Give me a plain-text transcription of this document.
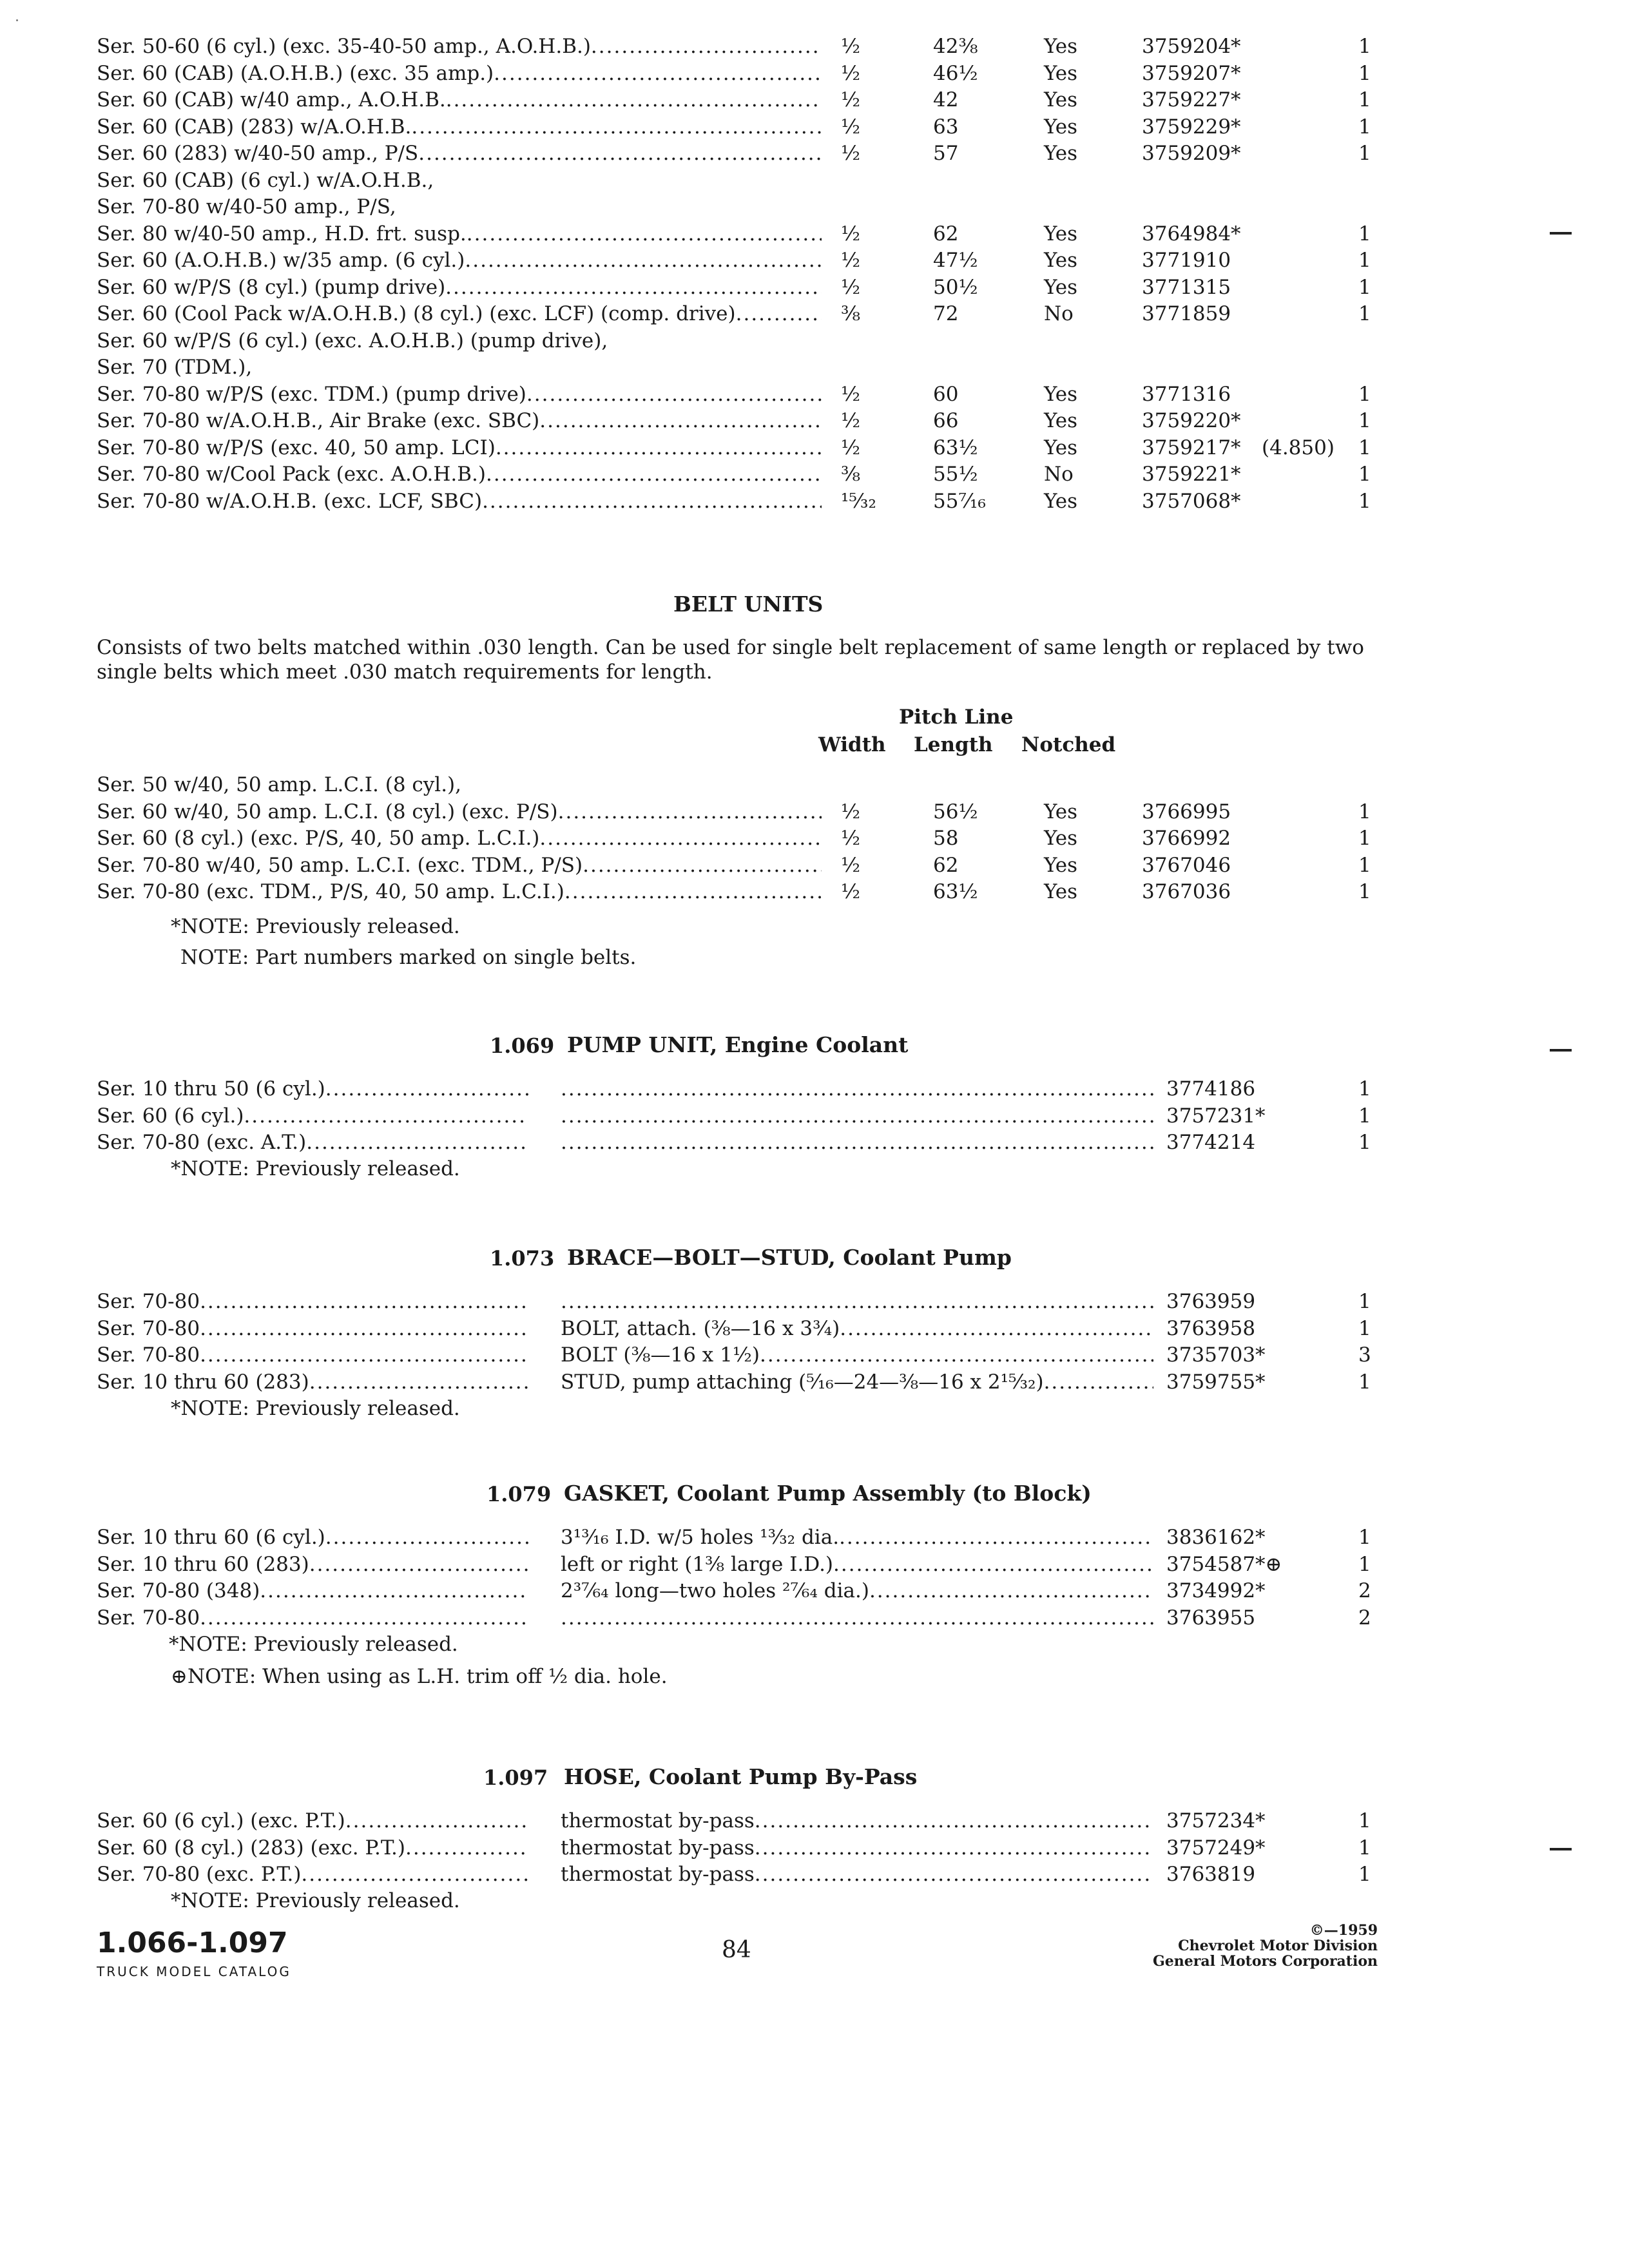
Ser. 50-60 (6 cyl.) (exc. 35-40-50 amp., A.O.H.B.) .....	½	42⅜	Yes	3759204*	1
Ser. 60 (CAB) (A.O.H.B.) (exc. 35 amp.) .....	½	46½	Yes	3759207*	1
Ser. 60 (CAB) w/40 amp., A.O.H.B. .....	½	42	Yes	3759227*	1
Ser. 60 (CAB) (283) w/A.O.H.B. .....	½	63	Yes	3759229*	1
Ser. 60 (283) w/40-50 amp., P/S .....	½	57	Yes	3759209*	1
Ser. 60 (CAB) (6 cyl.) w/A.O.H.B.,
Ser. 70-80 w/40-50 amp., P/S,
Ser. 80 w/40-50 amp., H.D. frt. susp. .....	½	62	Yes	3764984*	1
Ser. 60 (A.O.H.B.) w/35 amp. (6 cyl.) .....	½	47½	Yes	3771910	1
Ser. 60 w/P/S (8 cyl.) (pump drive) .....	½	50½	Yes	3771315	1
Ser. 60 (Cool Pack w/A.O.H.B.) (8 cyl.) (exc. LCF) (comp. drive) .....	⅜	72	No	3771859	1
Ser. 60 w/P/S (6 cyl.) (exc. A.O.H.B.) (pump drive),
Ser. 70 (TDM.),
Ser. 70-80 w/P/S (exc. TDM.) (pump drive) .....	½	60	Yes	3771316	1
Ser. 70-80 w/A.O.H.B., Air Brake (exc. SBC) .....	½	66	Yes	3759220*	1
Ser. 70-80 w/P/S (exc. 40, 50 amp. LCI) .....	½	63½	Yes	3759217* (4.850) 1
Ser. 70-80 w/Cool Pack (exc. A.O.H.B.) .....	⅜	55½	No	3759221*	1
Ser. 70-80 w/A.O.H.B. (exc. LCF, SBC) .....	¹⁵⁄₃₂	55⁷⁄₁₆	Yes	3757068*	1
BELT UNITS
Consists of two belts matched within .030 length. Can be used for single belt replacement of same length or replaced by two single belts which meet .030 match requirements for length.
Pitch Line
Width Length Notched
Ser. 50 w/40, 50 amp. L.C.I. (8 cyl.),
Ser. 60 w/40, 50 amp. L.C.I. (8 cyl.) (exc. P/S) .....	½	56½	Yes	3766995	1
Ser. 60 (8 cyl.) (exc. P/S, 40, 50 amp. L.C.I.) .....	½	58	Yes	3766992	1
Ser. 70-80 w/40, 50 amp. L.C.I. (exc. TDM., P/S) .....	½	62	Yes	3767046	1
Ser. 70-80 (exc. TDM., P/S, 40, 50 amp. L.C.I.) .....	½	63½	Yes	3767036	1
*NOTE: Previously released.
NOTE: Part numbers marked on single belts.
1.069 PUMP UNIT, Engine Coolant
Ser. 10 thru 50 (6 cyl.) ..... .....	3774186	1
Ser. 60 (6 cyl.) ..... .....	3757231*	1
Ser. 70-80 (exc. A.T.) ..... .....	3774214	1
*NOTE: Previously released.
1.073 BRACE—BOLT—STUD, Coolant Pump
Ser. 70-80 ..... .....	3763959	1
Ser. 70-80 .....	BOLT, attach. (⅜—16 x 3¾) .....	3763958	1
Ser. 70-80 .....	BOLT (⅜—16 x 1½) .....	3735703*	3
Ser. 10 thru 60 (283) .....	STUD, pump attaching (⁵⁄₁₆—24—⅜—16 x 2¹⁵⁄₃₂) .....	3759755*	1
*NOTE: Previously released.
1.079 GASKET, Coolant Pump Assembly (to Block)
Ser. 10 thru 60 (6 cyl.) .....	3¹³⁄₁₆ I.D. w/5 holes ¹³⁄₃₂ dia. .....	3836162*	1
Ser. 10 thru 60 (283) .....	left or right (1⅜ large I.D.) .....	3754587*⊕	1
Ser. 70-80 (348) .....	2³⁷⁄₆₄ long—two holes ²⁷⁄₆₄ dia.) .....	3734992*	2
Ser. 70-80 ..... .....	3763955	2
*NOTE: Previously released.
⊕NOTE: When using as L.H. trim off ½ dia. hole.
1.097 HOSE, Coolant Pump By-Pass
Ser. 60 (6 cyl.) (exc. P.T.) .....	thermostat by-pass .....	3757234*	1
Ser. 60 (8 cyl.) (283) (exc. P.T.) .....	thermostat by-pass .....	3757249*	1
Ser. 70-80 (exc. P.T.) .....	thermostat by-pass .....	3763819	1
*NOTE: Previously released.
1.066-1.097
TRUCK MODEL CATALOG
84
©—1959
Chevrolet Motor Division
General Motors Corporation
